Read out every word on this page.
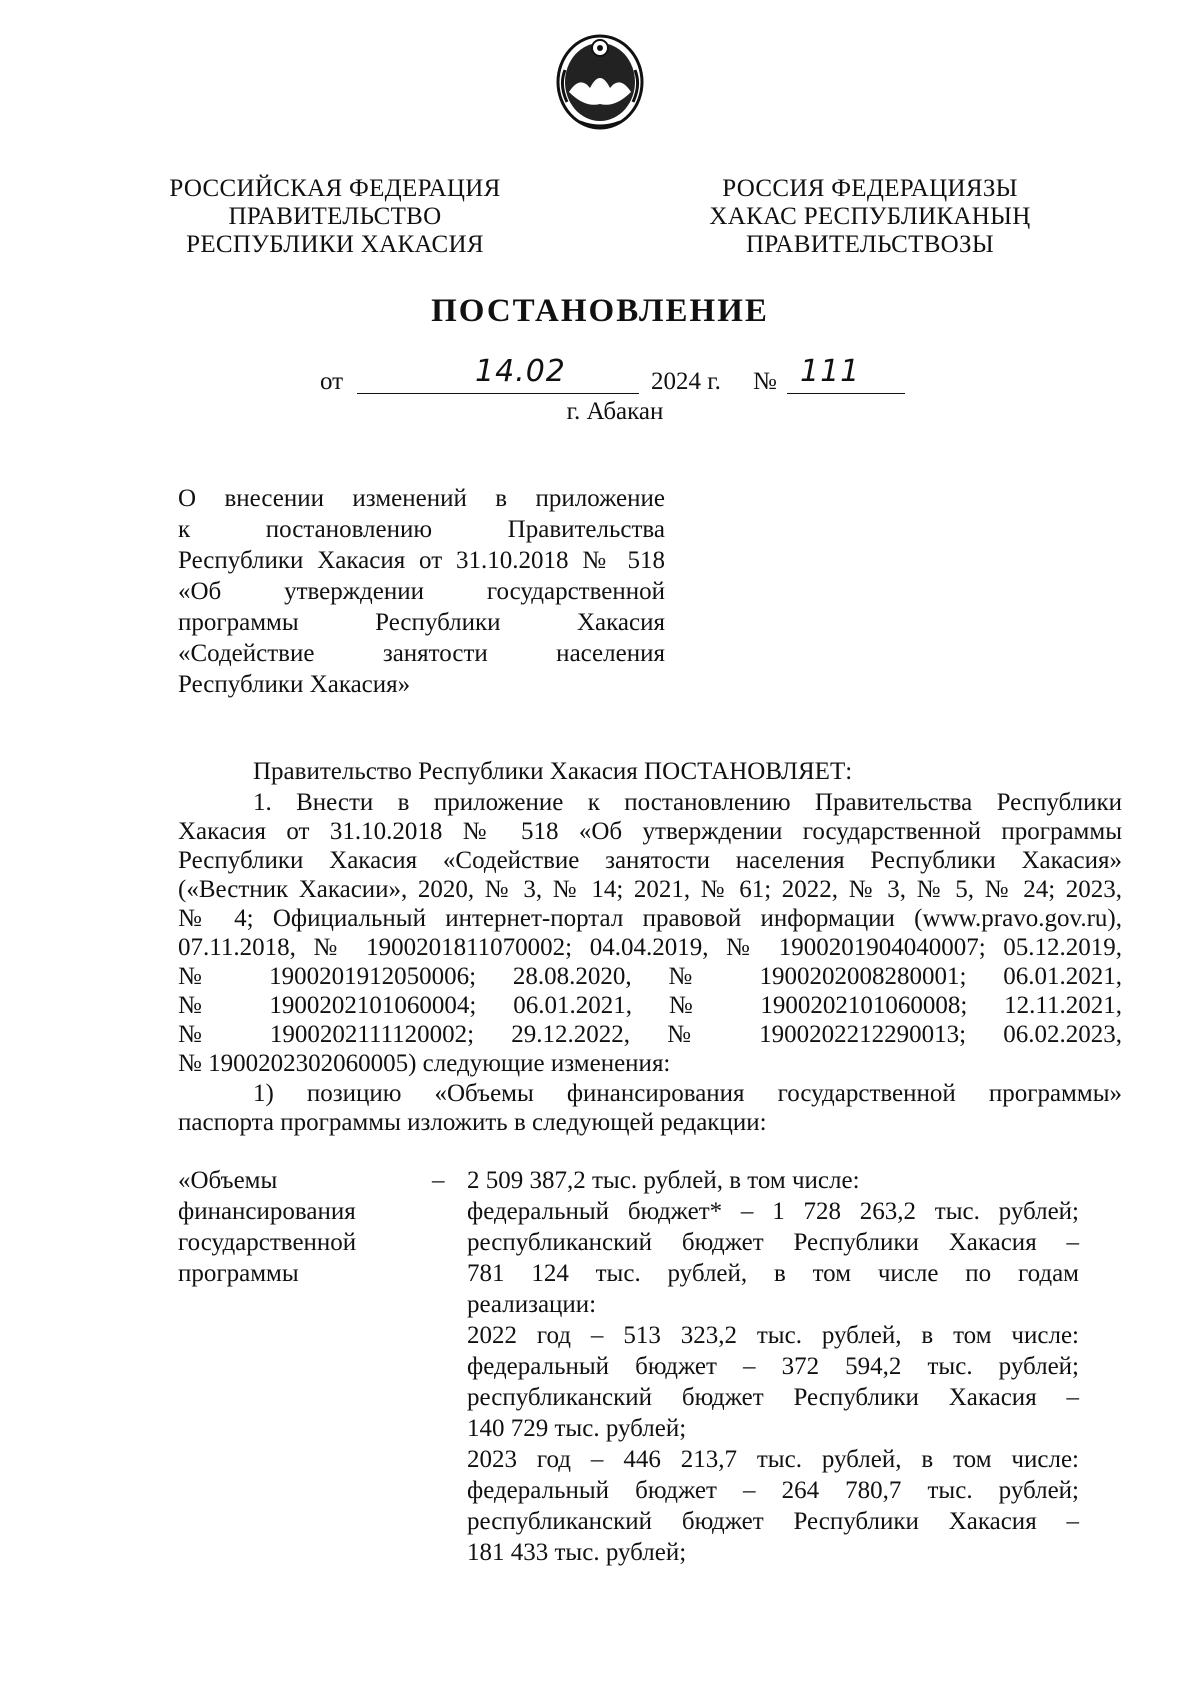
РОССИЙСКАЯ ФЕДЕРАЦИЯ
ПРАВИТЕЛЬСТВО
РЕСПУБЛИКИ ХАКАСИЯ
РОССИЯ ФЕДЕРАЦИЯЗЫ
ХАКАС РЕСПУБЛИКАНЫҢ
ПРАВИТЕЛЬСТВОЗЫ
ПОСТАНОВЛЕНИЕ
от	14.02	2024 г. № 111
г. Абакан
О внесении изменений в приложение
к постановлению Правительства
Республики Хакасия от 31.10.2018 № 518
«Об утверждении государственной
программы Республики Хакасия
«Содействие занятости населения
Республики Хакасия»
Правительство Республики Хакасия ПОСТАНОВЛЯЕТ:
1. Внести в приложение к постановлению Правительства Республики
Хакасия от 31.10.2018 № 518 «Об утверждении государственной программы
Республики Хакасия «Содействие занятости населения Республики Хакасия»
(«Вестник Хакасии», 2020, № 3, № 14; 2021, № 61; 2022, № 3, № 5, № 24; 2023,
№ 4; Официальный интернет-портал правовой информации (www.pravo.gov.ru),
07.11.2018, № 1900201811070002; 04.04.2019, № 1900201904040007; 05.12.2019,
№ 1900201912050006; 28.08.2020, № 1900202008280001; 06.01.2021,
№ 1900202101060004; 06.01.2021, № 1900202101060008; 12.11.2021,
№ 1900202111120002; 29.12.2022, № 1900202212290013; 06.02.2023,
№ 1900202302060005) следующие изменения:
1) позицию «Объемы финансирования государственной программы»
паспорта программы изложить в следующей редакции:
«Объемы
финансирования
государственной
программы
– 2 509 387,2 тыс. рублей, в том числе:
федеральный бюджет* – 1 728 263,2 тыс. рублей;
республиканский бюджет Республики Хакасия –
781 124 тыс. рублей, в том числе по годам
реализации:
2022 год – 513 323,2 тыс. рублей, в том числе:
федеральный бюджет – 372 594,2 тыс. рублей;
республиканский бюджет Республики Хакасия –
140 729 тыс. рублей;
2023 год – 446 213,7 тыс. рублей, в том числе:
федеральный бюджет – 264 780,7 тыс. рублей;
республиканский бюджет Республики Хакасия –
181 433 тыс. рублей;
